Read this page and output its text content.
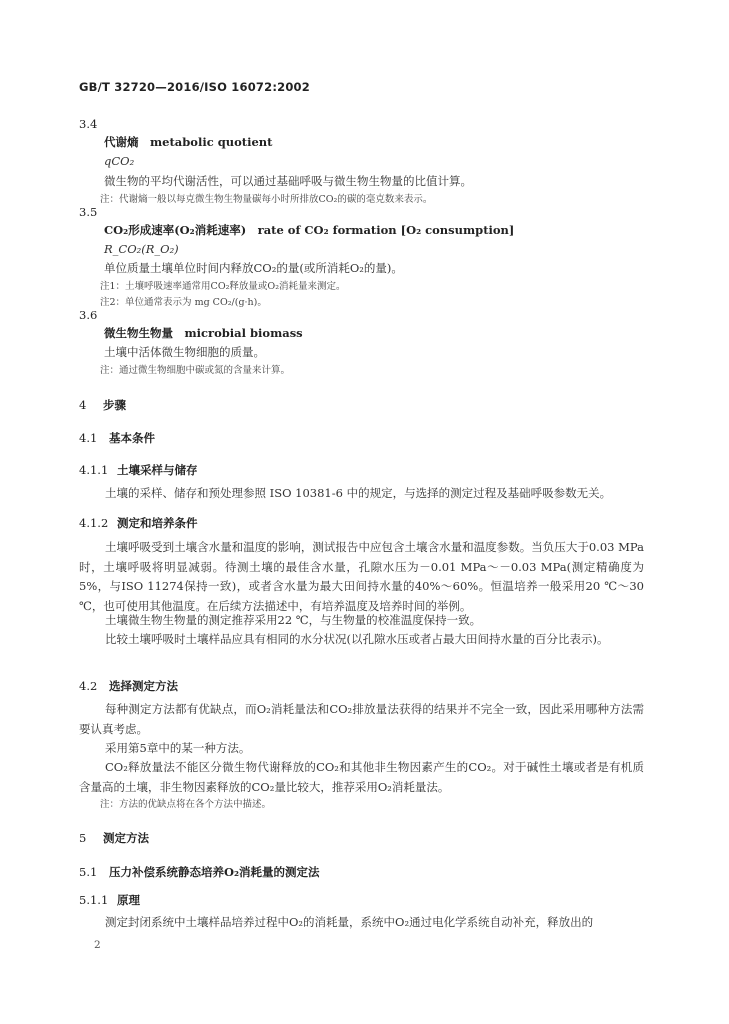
GB/T 32720—2016/ISO 16072:2002
3.4
代谢熵　metabolic quotient
qCO₂
微生物的平均代谢活性，可以通过基础呼吸与微生物生物量的比值计算。
注：代谢熵一般以每克微生物生物量碳每小时所排放CO₂的碳的毫克数来表示。
3.5
CO₂形成速率(O₂消耗速率)　rate of CO₂ formation [O₂ consumption]
R_CO₂(R_O₂)
单位质量土壤单位时间内释放CO₂的量(或所消耗O₂的量)。
注1：土壤呼吸速率通常用CO₂释放量或O₂消耗量来测定。
注2：单位通常表示为 mg CO₂/(g·h)。
3.6
微生物生物量　microbial biomass
土壤中活体微生物细胞的质量。
注：通过微生物细胞中碳或氮的含量来计算。
4 步骤
4.1 基本条件
4.1.1 土壤采样与储存
土壤的采样、储存和预处理参照 ISO 10381-6 中的规定，与选择的测定过程及基础呼吸参数无关。
4.1.2 测定和培养条件
土壤呼吸受到土壤含水量和温度的影响，测试报告中应包含土壤含水量和温度参数。当负压大于0.03 MPa时，土壤呼吸将明显减弱。待测土壤的最佳含水量，孔隙水压为－0.01 MPa～－0.03 MPa(测定精确度为5%，与ISO 11274保持一致)，或者含水量为最大田间持水量的40%～60%。恒温培养一般采用20 ℃～30 ℃，也可使用其他温度。在后续方法描述中，有培养温度及培养时间的举例。
土壤微生物生物量的测定推荐采用22 ℃，与生物量的校准温度保持一致。
比较土壤呼吸时土壤样品应具有相同的水分状况(以孔隙水压或者占最大田间持水量的百分比表示)。
4.2 选择测定方法
每种测定方法都有优缺点，而O₂消耗量法和CO₂排放量法获得的结果并不完全一致，因此采用哪种方法需要认真考虑。
采用第5章中的某一种方法。
CO₂释放量法不能区分微生物代谢释放的CO₂和其他非生物因素产生的CO₂。对于碱性土壤或者是有机质含量高的土壤，非生物因素释放的CO₂量比较大，推荐采用O₂消耗量法。
注：方法的优缺点将在各个方法中描述。
5 测定方法
5.1 压力补偿系统静态培养O₂消耗量的测定法
5.1.1 原理
测定封闭系统中土壤样品培养过程中O₂的消耗量，系统中O₂通过电化学系统自动补充，释放出的
2
